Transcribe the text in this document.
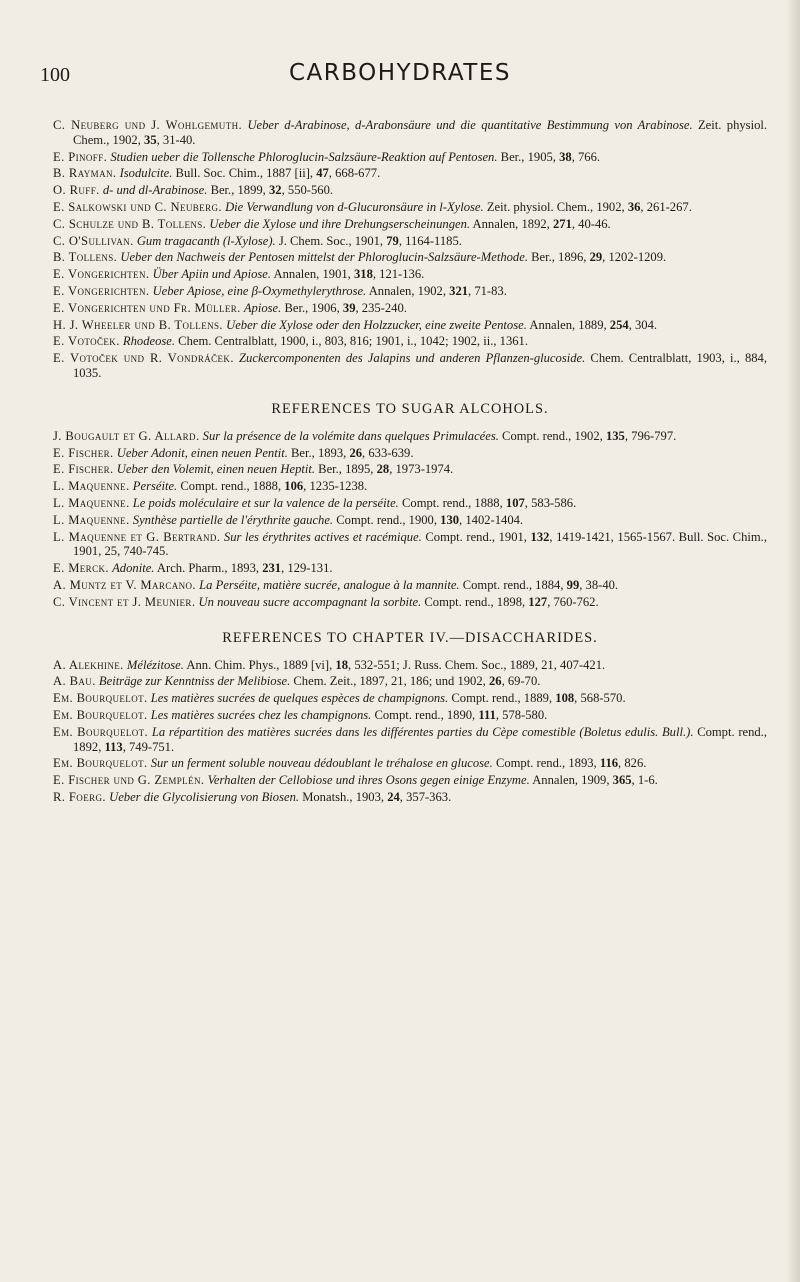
100	CARBOHYDRATES

C. Neuberg und J. Wohlgemuth. Ueber d-Arabinose, d-Arabonsäure und die quantitative Bestimmung von Arabinose. Zeit. physiol. Chem., 1902, 35, 31-40.

E. Pinoff. Studien ueber die Tollensche Phloroglucin-Salzsäure-Reaktion auf Pentosen. Ber., 1905, 38, 766.

B. Rayman. Isodulcite. Bull. Soc. Chim., 1887 [ii], 47, 668-677.

O. Ruff. d- und dl-Arabinose. Ber., 1899, 32, 550-560.

E. Salkowski und C. Neuberg. Die Verwandlung von d-Glucuronsäure in l-Xylose. Zeit. physiol. Chem., 1902, 36, 261-267.

C. Schulze und B. Tollens. Ueber die Xylose und ihre Drehungserscheinungen. Annalen, 1892, 271, 40-46.

C. O'Sullivan. Gum tragacanth (l-Xylose). J. Chem. Soc., 1901, 79, 1164-1185.

B. Tollens. Ueber den Nachweis der Pentosen mittelst der Phloroglucin-Salzsäure-Methode. Ber., 1896, 29, 1202-1209.

E. Vongerichten. Über Apiin und Apiose. Annalen, 1901, 318, 121-136.

E. Vongerichten. Ueber Apiose, eine β-Oxymethylerythrose. Annalen, 1902, 321, 71-83.

E. Vongerichten und Fr. Müller. Apiose. Ber., 1906, 39, 235-240.

H. J. Wheeler und B. Tollens. Ueber die Xylose oder den Holzzucker, eine zweite Pentose. Annalen, 1889, 254, 304.

E. Votoček. Rhodeose. Chem. Centralblatt, 1900, i., 803, 816; 1901, i., 1042; 1902, ii., 1361.

E. Votoček und R. Vondráček. Zuckercomponenten des Jalapins und anderen Pflanzen-glucoside. Chem. Centralblatt, 1903, i., 884, 1035.

REFERENCES TO SUGAR ALCOHOLS.

J. Bougault et G. Allard. Sur la présence de la volémite dans quelques Primulacées. Compt. rend., 1902, 135, 796-797.

E. Fischer. Ueber Adonit, einen neuen Pentit. Ber., 1893, 26, 633-639.

E. Fischer. Ueber den Volemit, einen neuen Heptit. Ber., 1895, 28, 1973-1974.

L. Maquenne. Perséite. Compt. rend., 1888, 106, 1235-1238.

L. Maquenne. Le poids moléculaire et sur la valence de la perséite. Compt. rend., 1888, 107, 583-586.

L. Maquenne. Synthèse partielle de l'érythrite gauche. Compt. rend., 1900, 130, 1402-1404.

L. Maquenne et G. Bertrand. Sur les érythrites actives et racémique. Compt. rend., 1901, 132, 1419-1421, 1565-1567. Bull. Soc. Chim., 1901, 25, 740-745.

E. Merck. Adonite. Arch. Pharm., 1893, 231, 129-131.

A. Muntz et V. Marcano. La Perséite, matière sucrée, analogue à la mannite. Compt. rend., 1884, 99, 38-40.

C. Vincent et J. Meunier. Un nouveau sucre accompagnant la sorbite. Compt. rend., 1898, 127, 760-762.

REFERENCES TO CHAPTER IV.—DISACCHARIDES.

A. Alekhine. Mélézitose. Ann. Chim. Phys., 1889 [vi], 18, 532-551; J. Russ. Chem. Soc., 1889, 21, 407-421.

A. Bau. Beiträge zur Kenntniss der Melibiose. Chem. Zeit., 1897, 21, 186; und 1902, 26, 69-70.

Em. Bourquelot. Les matières sucrées de quelques espèces de champignons. Compt. rend., 1889, 108, 568-570.

Em. Bourquelot. Les matières sucrées chez les champignons. Compt. rend., 1890, 111, 578-580.

Em. Bourquelot. La répartition des matières sucrées dans les différentes parties du Cèpe comestible (Boletus edulis. Bull.). Compt. rend., 1892, 113, 749-751.

Em. Bourquelot. Sur un ferment soluble nouveau dédoublant le tréhalose en glucose. Compt. rend., 1893, 116, 826.

E. Fischer und G. Zemplén. Verhalten der Cellobiose und ihres Osons gegen einige Enzyme. Annalen, 1909, 365, 1-6.

R. Foerg. Ueber die Glycolisierung von Biosen. Monatsh., 1903, 24, 357-363.
